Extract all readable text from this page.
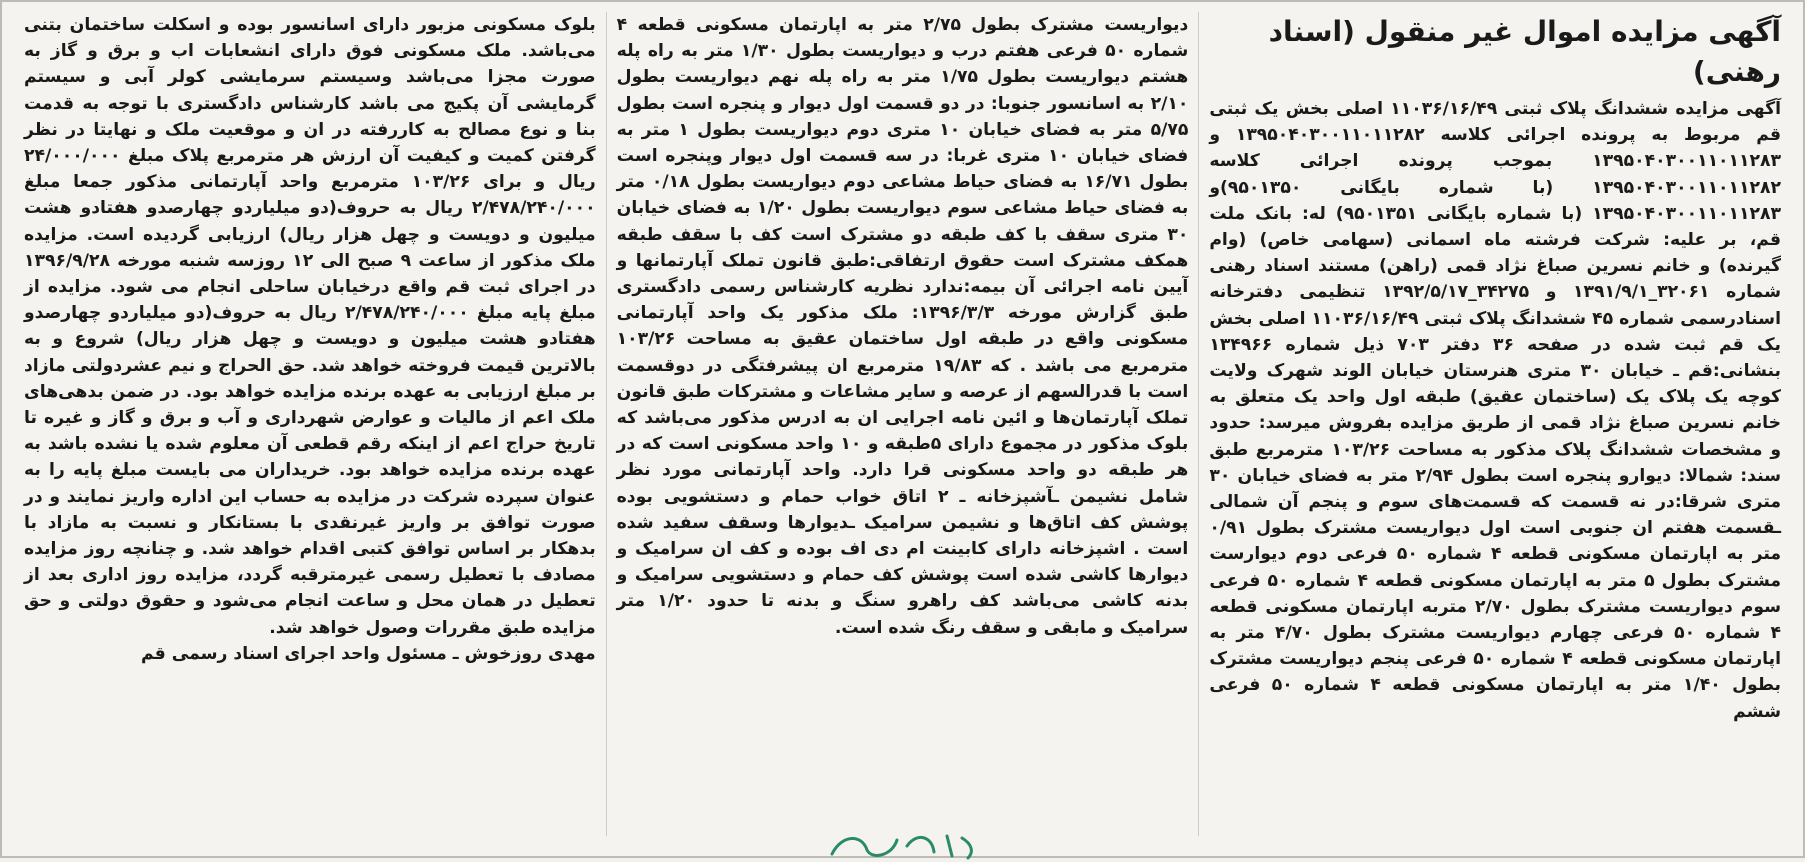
آگهی مزایده اموال غیر منقول (اسناد رهنی)

آگهی مزایده ششدانگ پلاک ثبتی ۱۱۰۳۶/۱۶/۴۹ اصلی بخش یک ثبتی قم مربوط به پرونده اجرائی کلاسه ۱۳۹۵۰۴۰۳۰۰۱۱۰۱۱۲۸۲ و ۱۳۹۵۰۴۰۳۰۰۱۱۰۱۱۲۸۳ بموجب پرونده اجرائی کلاسه ۱۳۹۵۰۴۰۳۰۰۱۱۰۱۱۲۸۲ (با شماره بایگانی ۹۵۰۱۳۵۰)و ۱۳۹۵۰۴۰۳۰۰۱۱۰۱۱۲۸۳ (با شماره بایگانی ۹۵۰۱۳۵۱) له: بانک ملت قم، بر علیه: شرکت فرشته ماه اسمانی (سهامی خاص) (وام گیرنده) و خانم نسرین صباغ نژاد قمی (راهن) مستند اسناد رهنی شماره ۳۲۰۶۱_۱۳۹۱/۹/۱ و ۳۴۲۷۵_۱۳۹۲/۵/۱۷ تنظیمی دفترخانه اسنادرسمی شماره ۴۵ ششدانگ پلاک ثبتی ۱۱۰۳۶/۱۶/۴۹ اصلی بخش یک قم ثبت شده در صفحه ۳۶ دفتر ۷۰۳ ذیل شماره ۱۳۴۹۶۶ بنشانی:قم ـ خیابان ۳۰ متری هنرستان خیابان الوند شهرک ولایت کوچه یک پلاک یک (ساختمان عقیق) طبقه اول واحد یک متعلق به خانم نسرین صباغ نژاد قمی از طریق مزایده بفروش میرسد: حدود و مشخصات ششدانگ پلاک مذکور به مساحت ۱۰۳/۲۶ مترمربع طبق سند: شمالا: دیوارو پنجره است بطول ۲/۹۴ متر به فضای خیابان ۳۰ متری شرقا:در نه قسمت که قسمت‌های سوم و پنجم آن شمالی ـقسمت هفتم ان جنوبی است اول دیواریست مشترک بطول ۰/۹۱ متر به اپارتمان مسکونی قطعه ۴ شماره ۵۰ فرعی دوم دیوارست مشترک بطول ۵ متر به اپارتمان مسکونی قطعه ۴ شماره ۵۰ فرعی سوم دیواریست مشترک بطول ۲/۷۰ متربه اپارتمان مسکونی قطعه ۴ شماره ۵۰ فرعی چهارم دیواریست مشترک بطول ۴/۷۰ متر به اپارتمان مسکونی قطعه ۴ شماره ۵۰ فرعی پنجم دیواریست مشترک بطول ۱/۴۰ متر به اپارتمان مسکونی قطعه ۴ شماره ۵۰ فرعی ششم

دیواریست مشترک بطول ۲/۷۵ متر به اپارتمان مسکونی قطعه ۴ شماره ۵۰ فرعی هفتم درب و دیواریست بطول ۱/۳۰ متر به راه پله هشتم دیواریست بطول ۱/۷۵ متر به راه پله نهم دیواریست بطول ۲/۱۰ به اسانسور جنوبا: در دو قسمت اول دیوار و پنجره است بطول ۵/۷۵ متر به فضای خیابان ۱۰ متری دوم دیواریست بطول ۱ متر به فضای خیابان ۱۰ متری غربا: در سه قسمت اول دیوار وپنجره است بطول ۱۶/۷۱ به فضای حیاط مشاعی دوم دیواریست بطول ۰/۱۸ متر به فضای حیاط مشاعی سوم دیواریست بطول ۱/۲۰ به فضای خیابان ۳۰ متری سقف با کف طبقه دو مشترک است کف با سقف طبقه همکف مشترک است حقوق ارتفاقی:طبق قانون تملک آپارتمانها و آیین نامه اجرائی آن بیمه:ندارد نظریه کارشناس رسمی دادگستری طبق گزارش مورخه ۱۳۹۶/۳/۳: ملک مذکور یک واحد آپارتمانی مسکونی واقع در طبقه اول ساختمان عقیق به مساحت ۱۰۳/۲۶ مترمربع می باشد . که ۱۹/۸۳ مترمربع ان پیشرفتگی در دوقسمت است با قدرالسهم از عرصه و سایر مشاعات و مشترکات طبق قانون تملک آپارتمان‌ها و ائین نامه اجرایی ان به ادرس مذکور می‌باشد که بلوک مذکور در مجموع دارای ۵طبقه و ۱۰ واحد مسکونی است که در هر طبقه دو واحد مسکونی قرا دارد. واحد آپارتمانی مورد نظر شامل نشیمن ـآشپزخانه ـ ۲ اتاق خواب حمام و دستشویی بوده پوشش کف اتاق‌ها و نشیمن سرامیک ـدیوارها وسقف سفید شده است . اشپزخانه دارای کابینت ام دی اف بوده و کف ان سرامیک و دیوارها کاشی شده است پوشش کف حمام و دستشویی سرامیک و بدنه کاشی می‌باشد کف راهرو سنگ و بدنه تا حدود ۱/۲۰ متر سرامیک و مابقی و سقف رنگ شده است.

بلوک مسکونی مزبور دارای اسانسور بوده و اسکلت ساختمان بتنی می‌باشد. ملک مسکونی فوق دارای انشعابات اب و برق و گاز به صورت مجزا می‌باشد وسیستم سرمایشی کولر آبی و سیستم گرمایشی آن پکیج می باشد کارشناس دادگستری با توجه به قدمت بنا و نوع مصالح به کاررفته در ان و موقعیت ملک و نهایتا در نظر گرفتن کمیت و کیفیت آن ارزش هر مترمربع پلاک مبلغ ۲۴/۰۰۰/۰۰۰ ریال و برای ۱۰۳/۲۶ مترمربع واحد آپارتمانی مذکور جمعا مبلغ ۲/۴۷۸/۲۴۰/۰۰۰ ریال به حروف(دو میلیاردو چهارصدو هفتادو هشت میلیون و دویست و چهل هزار ریال) ارزیابی گردیده است. مزایده ملک مذکور از ساعت ۹ صبح الی ۱۲ روزسه شنبه مورخه ۱۳۹۶/۹/۲۸ در اجرای ثبت قم واقع درخیابان ساحلی انجام می شود. مزایده از مبلغ پایه مبلغ ۲/۴۷۸/۲۴۰/۰۰۰ ریال به حروف(دو میلیاردو چهارصدو هفتادو هشت میلیون و دویست و چهل هزار ریال) شروع و به بالاترین قیمت فروخته خواهد شد. حق الحراج و نیم عشردولتی مازاد بر مبلغ ارزیابی به عهده برنده مزایده خواهد بود. در ضمن بدهی‌های ملک اعم از مالیات و عوارض شهرداری و آب و برق و گاز و غیره تا تاریخ حراج اعم از اینکه رقم قطعی آن معلوم شده یا نشده باشد به عهده برنده مزایده خواهد بود. خریداران می بایست مبلغ پایه را به عنوان سپرده شرکت در مزایده به حساب این اداره واریز نمایند و در صورت توافق بر واریز غیرنقدی با بستانکار و نسبت به مازاد با بدهکار بر اساس توافق کتبی اقدام خواهد شد. و چنانچه روز مزایده مصادف با تعطیل رسمی غیرمترقبه گردد، مزایده روز اداری بعد از تعطیل در همان محل و ساعت انجام می‌شود و حقوق دولتی و حق مزایده طبق مقررات وصول خواهد شد.

مهدی روزخوش ـ مسئول واحد اجرای اسناد رسمی قم
